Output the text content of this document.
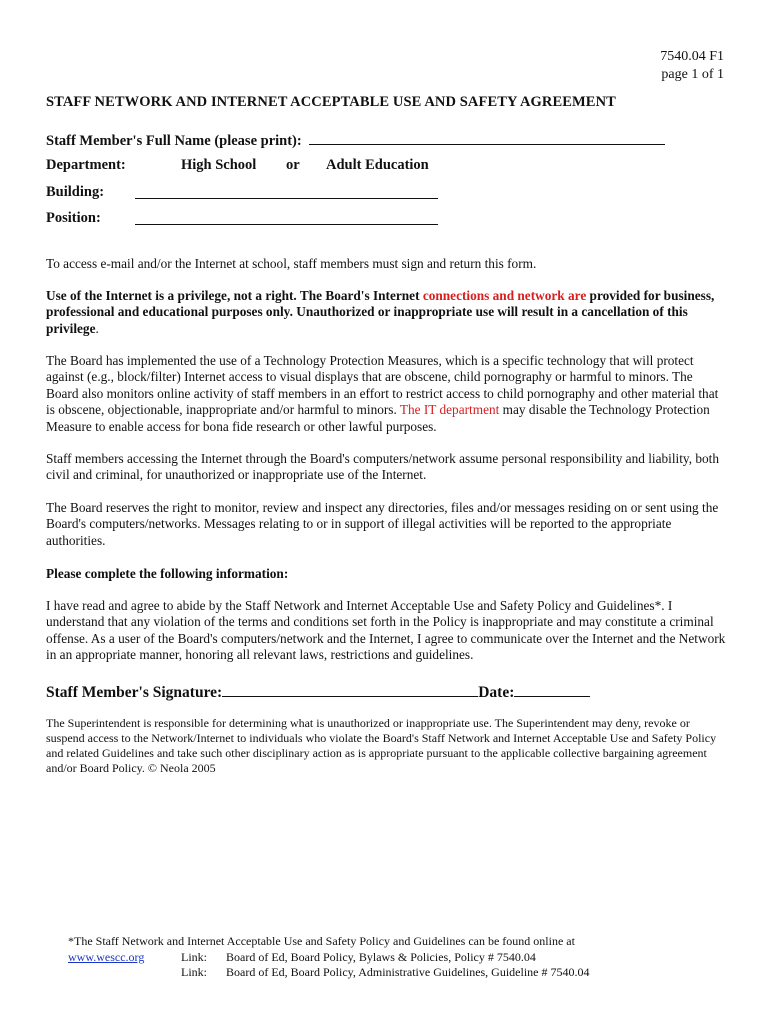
7540.04 F1
page 1 of 1
STAFF NETWORK AND INTERNET ACCEPTABLE USE AND SAFETY AGREEMENT
Staff Member's Full Name (please print):
Department:	High School or Adult Education
Building:
Position:
To access e-mail and/or the Internet at school, staff members must sign and return this form.
Use of the Internet is a privilege, not a right. The Board's Internet connections and network are provided for business, professional and educational purposes only. Unauthorized or inappropriate use will result in a cancellation of this privilege.
The Board has implemented the use of a Technology Protection Measures, which is a specific technology that will protect against (e.g., block/filter) Internet access to visual displays that are obscene, child pornography or harmful to minors. The Board also monitors online activity of staff members in an effort to restrict access to child pornography and other material that is obscene, objectionable, inappropriate and/or harmful to minors. The IT department may disable the Technology Protection Measure to enable access for bona fide research or other lawful purposes.
Staff members accessing the Internet through the Board's computers/network assume personal responsibility and liability, both civil and criminal, for unauthorized or inappropriate use of the Internet.
The Board reserves the right to monitor, review and inspect any directories, files and/or messages residing on or sent using the Board's computers/networks. Messages relating to or in support of illegal activities will be reported to the appropriate authorities.
Please complete the following information:
I have read and agree to abide by the Staff Network and Internet Acceptable Use and Safety Policy and Guidelines*. I understand that any violation of the terms and conditions set forth in the Policy is inappropriate and may constitute a criminal offense. As a user of the Board's computers/network and the Internet, I agree to communicate over the Internet and the Network in an appropriate manner, honoring all relevant laws, restrictions and guidelines.
Staff Member's Signature:	Date:
The Superintendent is responsible for determining what is unauthorized or inappropriate use. The Superintendent may deny, revoke or suspend access to the Network/Internet to individuals who violate the Board's Staff Network and Internet Acceptable Use and Safety Policy and related Guidelines and take such other disciplinary action as is appropriate pursuant to the applicable collective bargaining agreement and/or Board Policy. © Neola 2005
*The Staff Network and Internet Acceptable Use and Safety Policy and Guidelines can be found online at
www.wescc.org	Link: Board of Ed, Board Policy, Bylaws & Policies, Policy # 7540.04
Link: Board of Ed, Board Policy, Administrative Guidelines, Guideline # 7540.04
